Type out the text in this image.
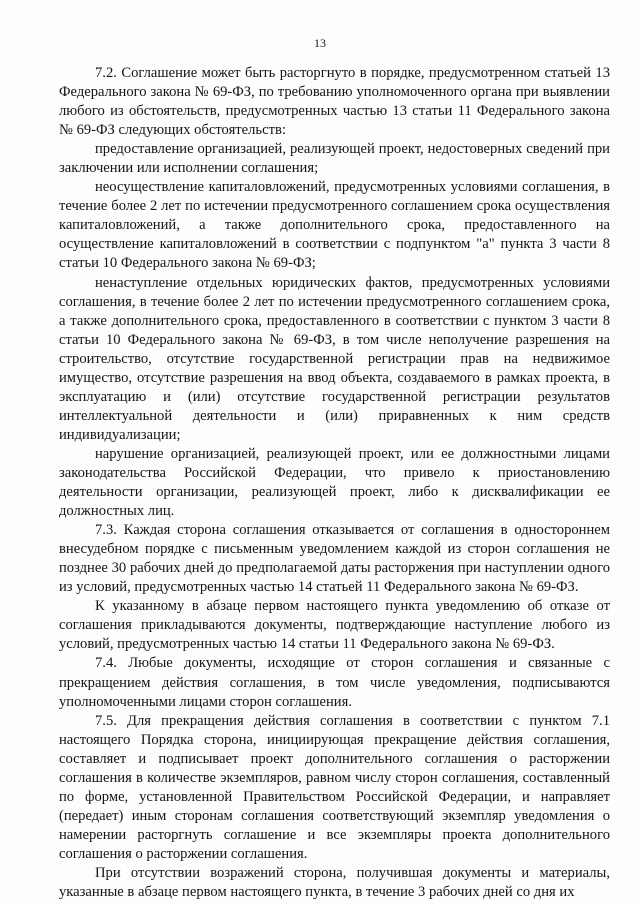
13

7.2. Соглашение может быть расторгнуто в порядке, предусмотренном статьей 13 Федерального закона № 69-ФЗ, по требованию уполномоченного органа при выявлении любого из обстоятельств, предусмотренных частью 13 статьи 11 Федерального закона № 69-ФЗ следующих обстоятельств:

предоставление организацией, реализующей проект, недостоверных сведений при заключении или исполнении соглашения;

неосуществление капиталовложений, предусмотренных условиями соглашения, в течение более 2 лет по истечении предусмотренного соглашением срока осуществления капиталовложений, а также дополнительного срока, предоставленного на осуществление капиталовложений в соответствии с подпунктом "а" пункта 3 части 8 статьи 10 Федерального закона № 69-ФЗ;

ненаступление отдельных юридических фактов, предусмотренных условиями соглашения, в течение более 2 лет по истечении предусмотренного соглашением срока, а также дополнительного срока, предоставленного в соответствии с пунктом 3 части 8 статьи 10 Федерального закона № 69-ФЗ, в том числе неполучение разрешения на строительство, отсутствие государственной регистрации прав на недвижимое имущество, отсутствие разрешения на ввод объекта, создаваемого в рамках проекта, в эксплуатацию и (или) отсутствие государственной регистрации результатов интеллектуальной деятельности и (или) приравненных к ним средств индивидуализации;

нарушение организацией, реализующей проект, или ее должностными лицами законодательства Российской Федерации, что привело к приостановлению деятельности организации, реализующей проект, либо к дисквалификации ее должностных лиц.

7.3. Каждая сторона соглашения отказывается от соглашения в одностороннем внесудебном порядке с письменным уведомлением каждой из сторон соглашения не позднее 30 рабочих дней до предполагаемой даты расторжения при наступлении одного из условий, предусмотренных частью 14 статьей 11 Федерального закона № 69-ФЗ.

К указанному в абзаце первом настоящего пункта уведомлению об отказе от соглашения прикладываются документы, подтверждающие наступление любого из условий, предусмотренных частью 14 статьи 11 Федерального закона № 69-ФЗ.

7.4. Любые документы, исходящие от сторон соглашения и связанные с прекращением действия соглашения, в том числе уведомления, подписываются уполномоченными лицами сторон соглашения.

7.5. Для прекращения действия соглашения в соответствии с пунктом 7.1 настоящего Порядка сторона, инициирующая прекращение действия соглашения, составляет и подписывает проект дополнительного соглашения о расторжении соглашения в количестве экземпляров, равном числу сторон соглашения, составленный по форме, установленной Правительством Российской Федерации, и направляет (передает) иным сторонам соглашения соответствующий экземпляр уведомления о намерении расторгнуть соглашение и все экземпляры проекта дополнительного соглашения о расторжении соглашения.

При отсутствии возражений сторона, получившая документы и материалы, указанные в абзаце первом настоящего пункта, в течение 3 рабочих дней со дня их
